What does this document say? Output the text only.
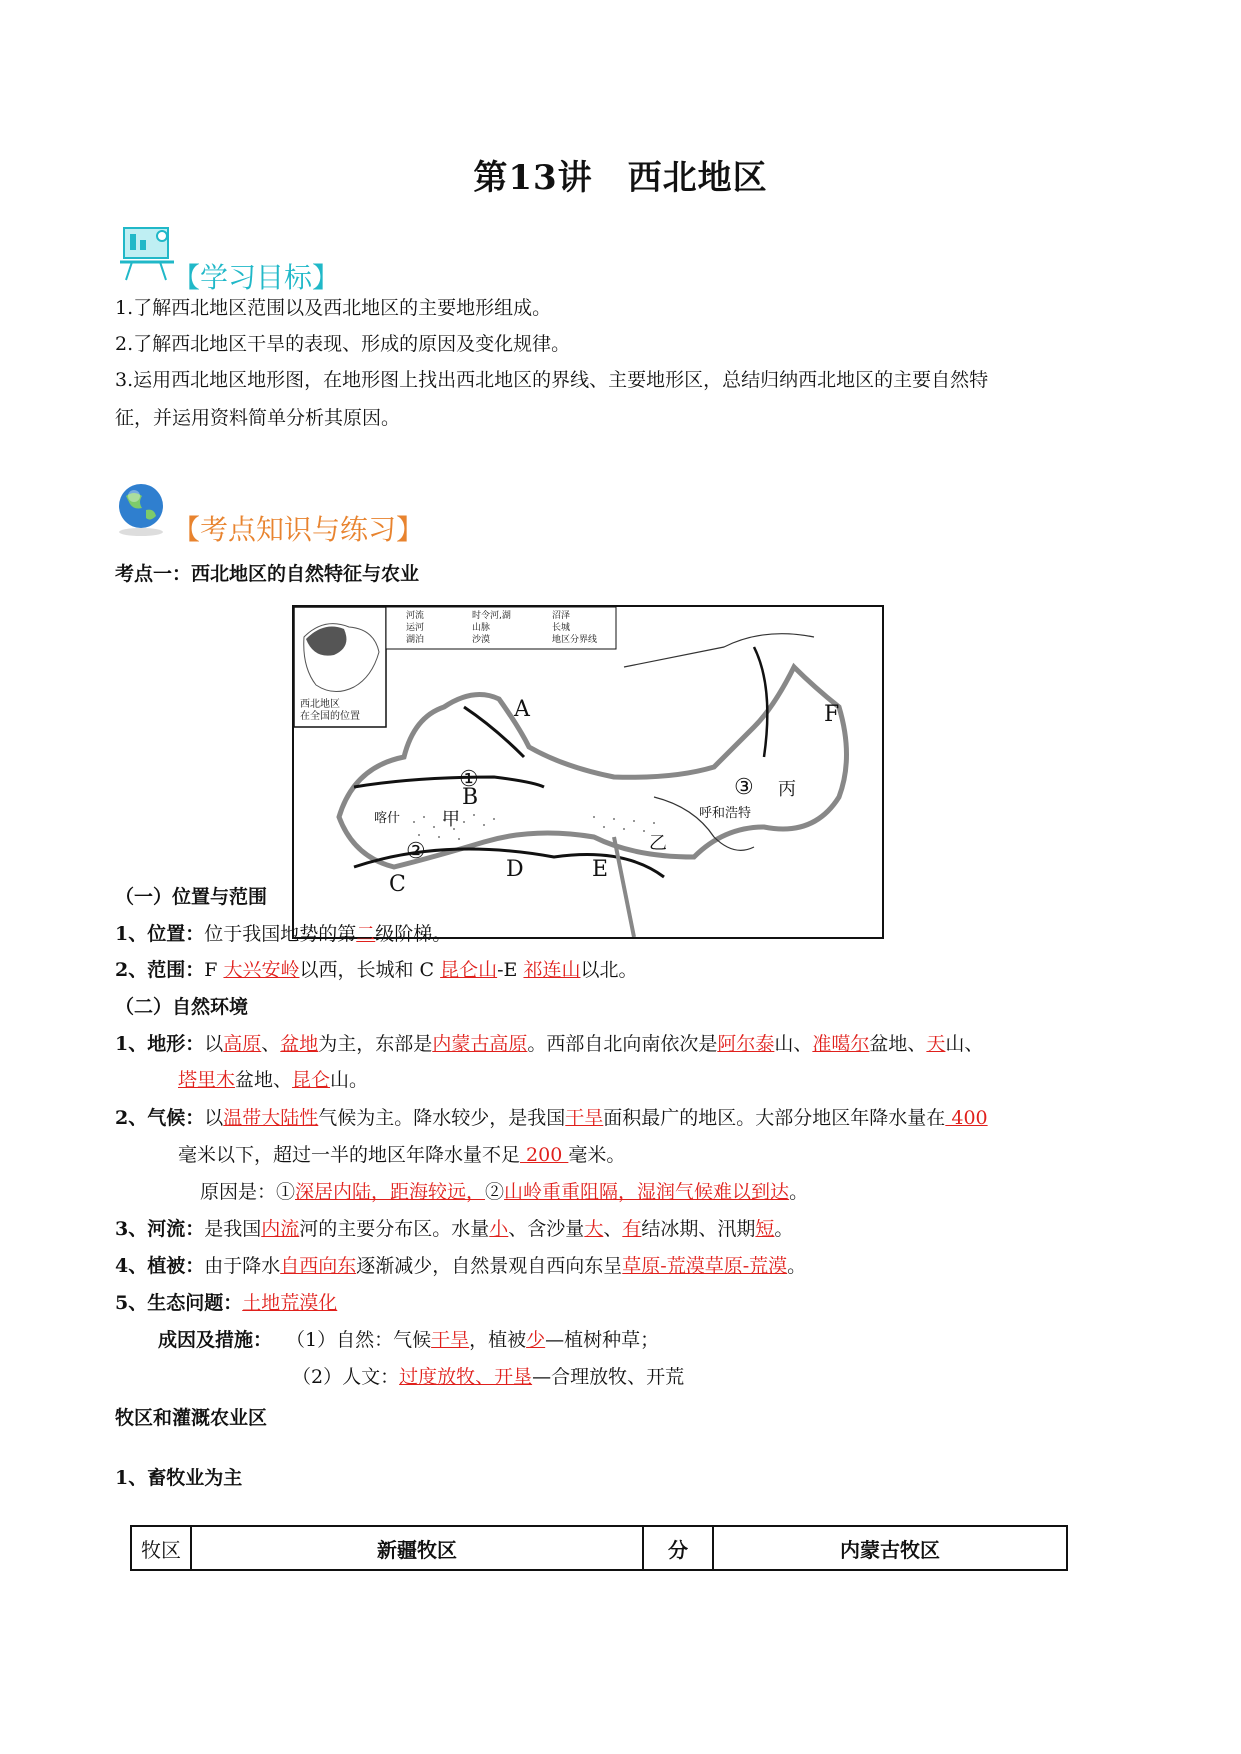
第13讲　西北地区
【学习目标】
1.了解西北地区范围以及西北地区的主要地形组成。
2.了解西北地区干旱的表现、形成的原因及变化规律。
3.运用西北地区地形图，在地形图上找出西北地区的界线、主要地形区，总结归纳西北地区的主要自然特
征，并运用资料简单分析其原因。
【考点知识与练习】
考点一：西北地区的自然特征与农业
西北地区
在全国的位置
河流	时令河,湖	沼泽
运河	山脉	长城
湖泊	沙漠	地区分界线
A
①
B
喀什 甲
②
C
D	E
乙
③
呼和浩特
丙
F
（一）位置与范围
1、位置：位于我国地势的第二级阶梯。
2、范围：F 大兴安岭以西，长城和 C 昆仑山-E 祁连山以北。
（二）自然环境
1、地形：以高原、盆地为主，东部是内蒙古高原。西部自北向南依次是阿尔泰山、准噶尔盆地、天山、
塔里木盆地、昆仑山。
2、气候：以温带大陆性气候为主。降水较少，是我国干旱面积最广的地区。大部分地区年降水量在 400
毫米以下，超过一半的地区年降水量不足 200 毫米。
原因是：①深居内陆，距海较远，②山岭重重阻隔，湿润气候难以到达。
3、河流：是我国内流河的主要分布区。水量小、含沙量大、有结冰期、汛期短。
4、植被：由于降水自西向东逐渐减少，自然景观自西向东呈草原-荒漠草原-荒漠。
5、生态问题：土地荒漠化
成因及措施： （1）自然：气候干旱，植被少—植树种草；
（2）人文：过度放牧、开垦—合理放牧、开荒
牧区和灌溉农业区
1、畜牧业为主
牧区	新疆牧区	分	内蒙古牧区
